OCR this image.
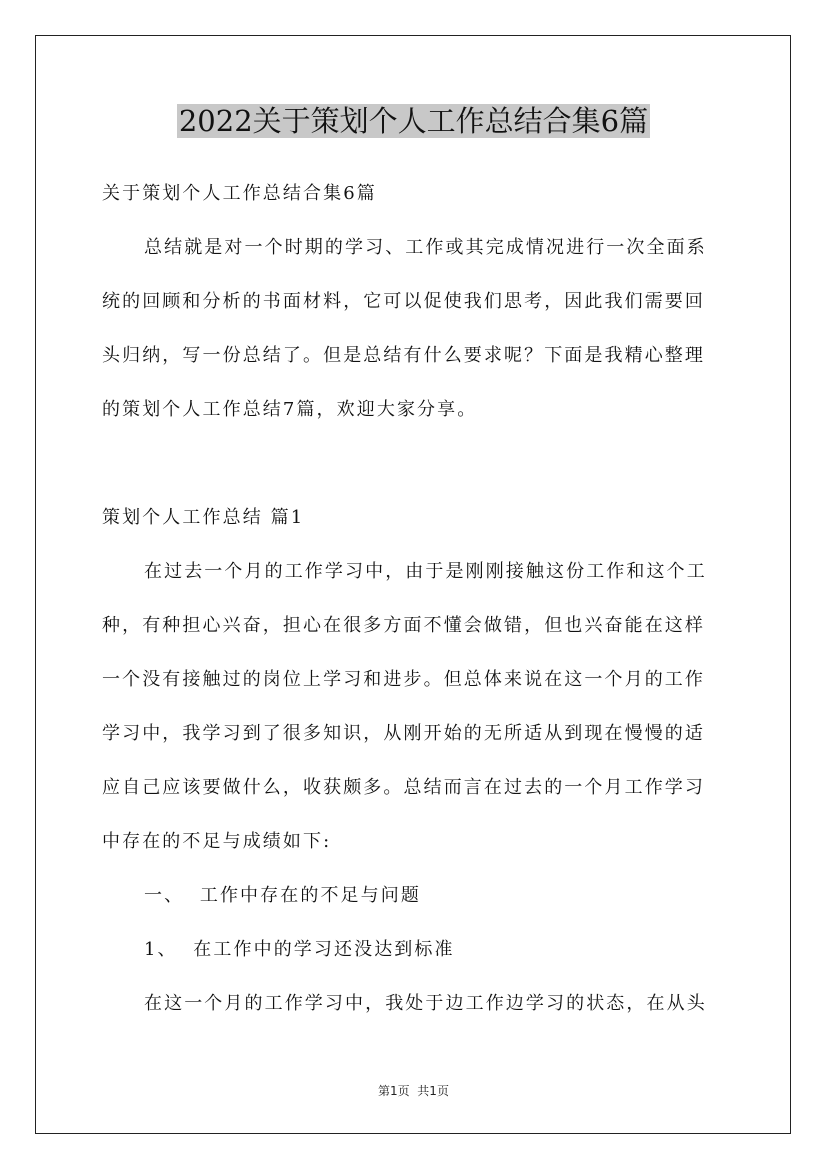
2022关于策划个人工作总结合集6篇
关于策划个人工作总结合集6篇
总结就是对一个时期的学习、工作或其完成情况进行一次全面系
统的回顾和分析的书面材料，它可以促使我们思考，因此我们需要回
头归纳，写一份总结了。但是总结有什么要求呢？下面是我精心整理
的策划个人工作总结7篇，欢迎大家分享。
策划个人工作总结 篇1
在过去一个月的工作学习中，由于是刚刚接触这份工作和这个工
种，有种担心兴奋，担心在很多方面不懂会做错，但也兴奋能在这样
一个没有接触过的岗位上学习和进步。但总体来说在这一个月的工作
学习中，我学习到了很多知识，从刚开始的无所适从到现在慢慢的适
应自己应该要做什么，收获颇多。总结而言在过去的一个月工作学习
中存在的不足与成绩如下:
一、  工作中存在的不足与问题
1、  在工作中的学习还没达到标准
在这一个月的工作学习中，我处于边工作边学习的状态，在从头
第1页  共1页
